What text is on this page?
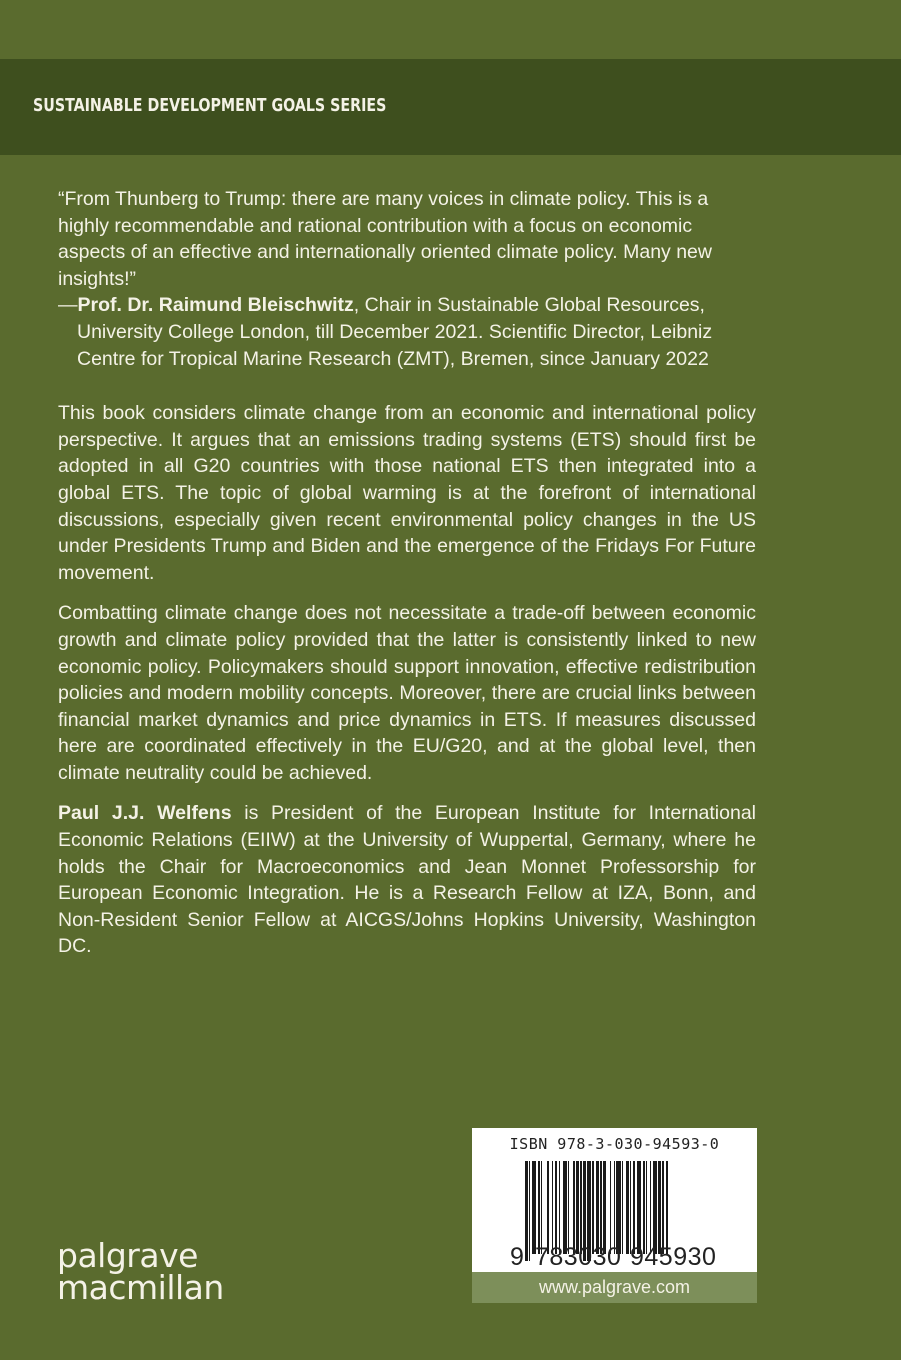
SUSTAINABLE DEVELOPMENT GOALS SERIES

“From Thunberg to Trump: there are many voices in climate policy. This is a highly recommendable and rational contribution with a focus on economic aspects of an effective and internationally oriented climate policy. Many new insights!”

—Prof. Dr. Raimund Bleischwitz, Chair in Sustainable Global Resources, University College London, till December 2021. Scientific Director, Leibniz Centre for Tropical Marine Research (ZMT), Bremen, since January 2022

This book considers climate change from an economic and international policy perspective. It argues that an emissions trading systems (ETS) should first be adopted in all G20 countries with those national ETS then integrated into a global ETS. The topic of global warming is at the forefront of international discussions, especially given recent environmental policy changes in the US under Presidents Trump and Biden and the emergence of the Fridays For Future movement.

Combatting climate change does not necessitate a trade-off between economic growth and climate policy provided that the latter is consistently linked to new economic policy. Policymakers should support innovation, effective redistribution policies and modern mobility concepts. Moreover, there are crucial links between financial market dynamics and price dynamics in ETS. If measures discussed here are coordinated effectively in the EU/G20, and at the global level, then climate neutrality could be achieved.

Paul J.J. Welfens is President of the European Institute for International Economic Relations (EIIW) at the University of Wuppertal, Germany, where he holds the Chair for Macroeconomics and Jean Monnet Professorship for European Economic Integration. He is a Research Fellow at IZA, Bonn, and Non-Resident Senior Fellow at AICGS/Johns Hopkins University, Washington DC.

palgrave
macmillan
ISBN 978-3-030-94593-0
9 783030 945930
www.palgrave.com
